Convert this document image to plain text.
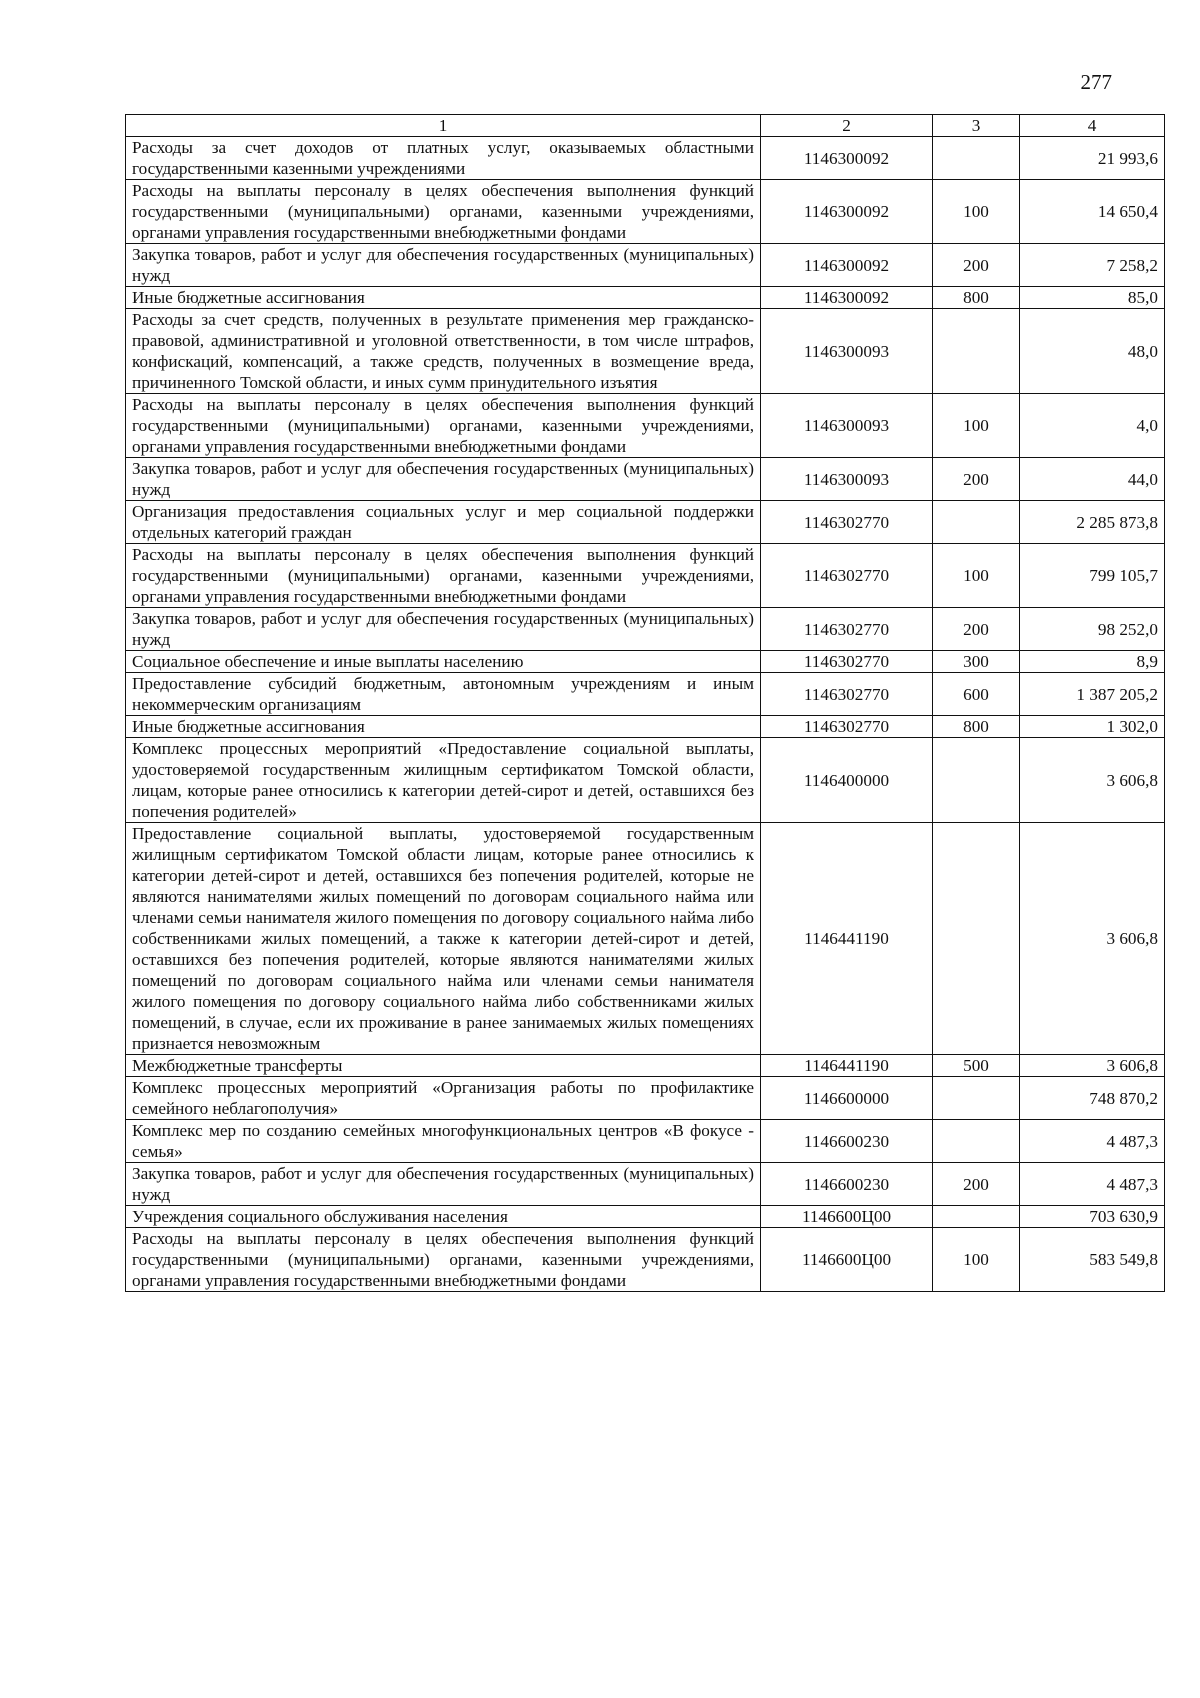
277
1	2	3	4
Расходы за счет доходов от платных услуг, оказываемых областными государственными казенными учреждениями	1146300092		21 993,6
Расходы на выплаты персоналу в целях обеспечения выполнения функций государственными (муниципальными) органами, казенными учреждениями, органами управления государственными внебюджетными фондами	1146300092	100	14 650,4
Закупка товаров, работ и услуг для обеспечения государственных (муниципальных) нужд	1146300092	200	7 258,2
Иные бюджетные ассигнования	1146300092	800	85,0
Расходы за счет средств, полученных в результате применения мер гражданско-правовой, административной и уголовной ответственности, в том числе штрафов, конфискаций, компенсаций, а также средств, полученных в возмещение вреда, причиненного Томской области, и иных сумм принудительного изъятия	1146300093		48,0
Расходы на выплаты персоналу в целях обеспечения выполнения функций государственными (муниципальными) органами, казенными учреждениями, органами управления государственными внебюджетными фондами	1146300093	100	4,0
Закупка товаров, работ и услуг для обеспечения государственных (муниципальных) нужд	1146300093	200	44,0
Организация предоставления социальных услуг и мер социальной поддержки отдельных категорий граждан	1146302770		2 285 873,8
Расходы на выплаты персоналу в целях обеспечения выполнения функций государственными (муниципальными) органами, казенными учреждениями, органами управления государственными внебюджетными фондами	1146302770	100	799 105,7
Закупка товаров, работ и услуг для обеспечения государственных (муниципальных) нужд	1146302770	200	98 252,0
Социальное обеспечение и иные выплаты населению	1146302770	300	8,9
Предоставление субсидий бюджетным, автономным учреждениям и иным некоммерческим организациям	1146302770	600	1 387 205,2
Иные бюджетные ассигнования	1146302770	800	1 302,0
Комплекс процессных мероприятий «Предоставление социальной выплаты, удостоверяемой государственным жилищным сертификатом Томской области, лицам, которые ранее относились к категории детей-сирот и детей, оставшихся без попечения родителей»	1146400000		3 606,8
Предоставление социальной выплаты, удостоверяемой государственным жилищным сертификатом Томской области лицам, которые ранее относились к категории детей-сирот и детей, оставшихся без попечения родителей, которые не являются нанимателями жилых помещений по договорам социального найма или членами семьи нанимателя жилого помещения по договору социального найма либо собственниками жилых помещений, а также к категории детей-сирот и детей, оставшихся без попечения родителей, которые являются нанимателями жилых помещений по договорам социального найма или членами семьи нанимателя жилого помещения по договору социального найма либо собственниками жилых помещений, в случае, если их проживание в ранее занимаемых жилых помещениях признается невозможным	1146441190		3 606,8
Межбюджетные трансферты	1146441190	500	3 606,8
Комплекс процессных мероприятий «Организация работы по профилактике семейного неблагополучия»	1146600000		748 870,2
Комплекс мер по созданию семейных многофункциональных центров «В фокусе - семья»	1146600230		4 487,3
Закупка товаров, работ и услуг для обеспечения государственных (муниципальных) нужд	1146600230	200	4 487,3
Учреждения социального обслуживания населения	1146600Ц00		703 630,9
Расходы на выплаты персоналу в целях обеспечения выполнения функций государственными (муниципальными) органами, казенными учреждениями, органами управления государственными внебюджетными фондами	1146600Ц00	100	583 549,8
